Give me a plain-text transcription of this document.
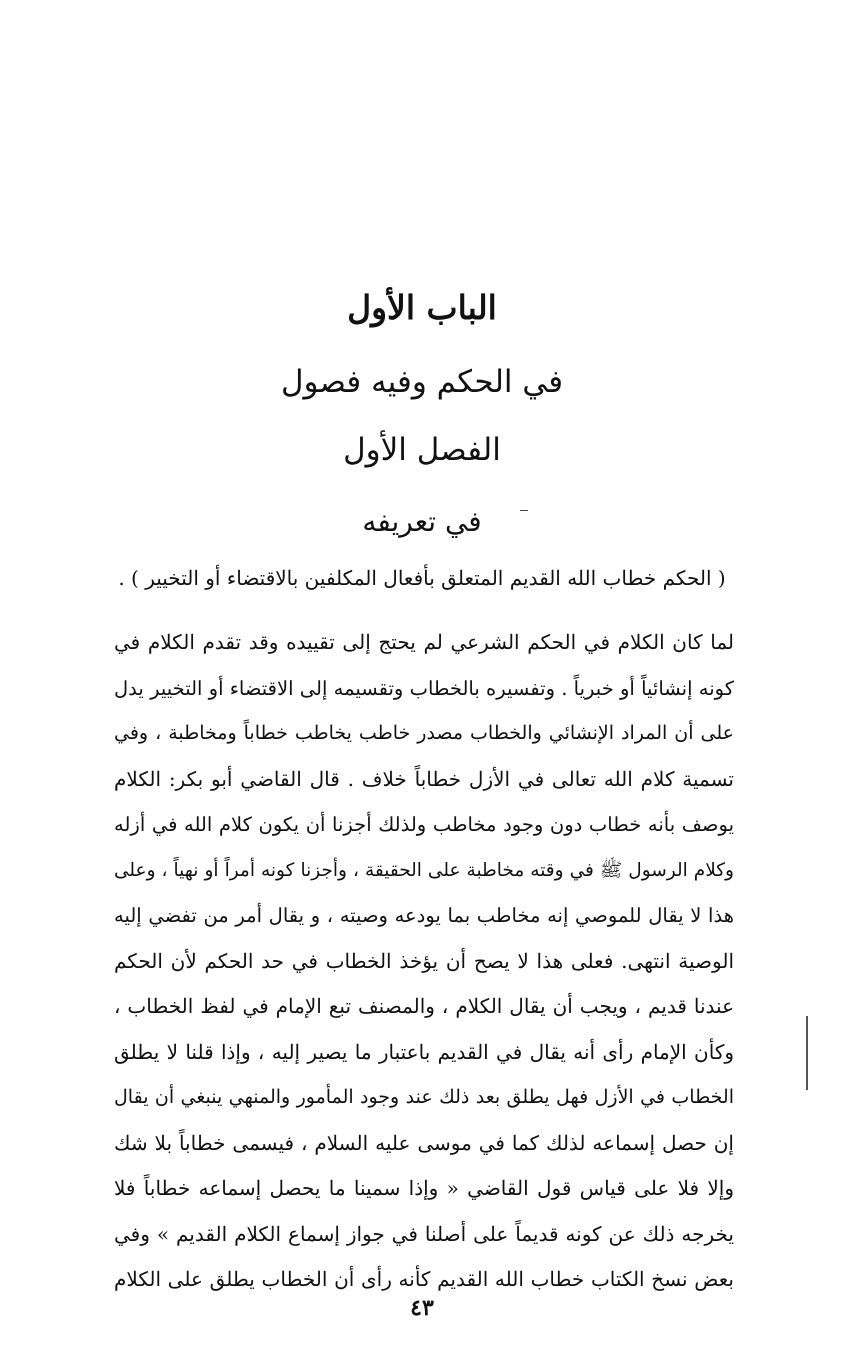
الباب الأول
في الحكم وفيه فصول
الفصل الأول
في تعريفه
( الحكم خطاب الله القديم المتعلق بأفعال المكلفين بالاقتضاء أو التخيير ) .
لما كان الكلام في الحكم الشرعي لم يحتج إلى تقييده وقد تقدم الكلام في
كونه إنشائياً أو خبرياً . وتفسيره بالخطاب وتقسيمه إلى الاقتضاء أو التخيير يدل
على أن المراد الإنشائي والخطاب مصدر خاطب يخاطب خطاباً ومخاطبة ، وفي
تسمية كلام الله تعالى في الأزل خطاباً خلاف . قال القاضي أبو بكر: الكلام
يوصف بأنه خطاب دون وجود مخاطب ولذلك أجزنا أن يكون كلام الله في أزله
وكلام الرسول ﷺ في وقته مخاطبة على الحقيقة ، وأجزنا كونه أمراً أو نهياً ، وعلى
هذا لا يقال للموصي إنه مخاطب بما يودعه وصيته ، و يقال أمر من تفضي إليه
الوصية انتهى. فعلى هذا لا يصح أن يؤخذ الخطاب في حد الحكم لأن الحكم
عندنا قديم ، ويجب أن يقال الكلام ، والمصنف تبع الإمام في لفظ الخطاب ،
وكأن الإمام رأى أنه يقال في القديم باعتبار ما يصير إليه ، وإذا قلنا لا يطلق
الخطاب في الأزل فهل يطلق بعد ذلك عند وجود المأمور والمنهي ينبغي أن يقال
إن حصل إسماعه لذلك كما في موسى عليه السلام ، فيسمى خطاباً بلا شك
وإلا فلا على قياس قول القاضي « وإذا سمينا ما يحصل إسماعه خطاباً فلا
يخرجه ذلك عن كونه قديماً على أصلنا في جواز إسماع الكلام القديم » وفي
بعض نسخ الكتاب خطاب الله القديم كأنه رأى أن الخطاب يطلق على الكلام
٤٣
